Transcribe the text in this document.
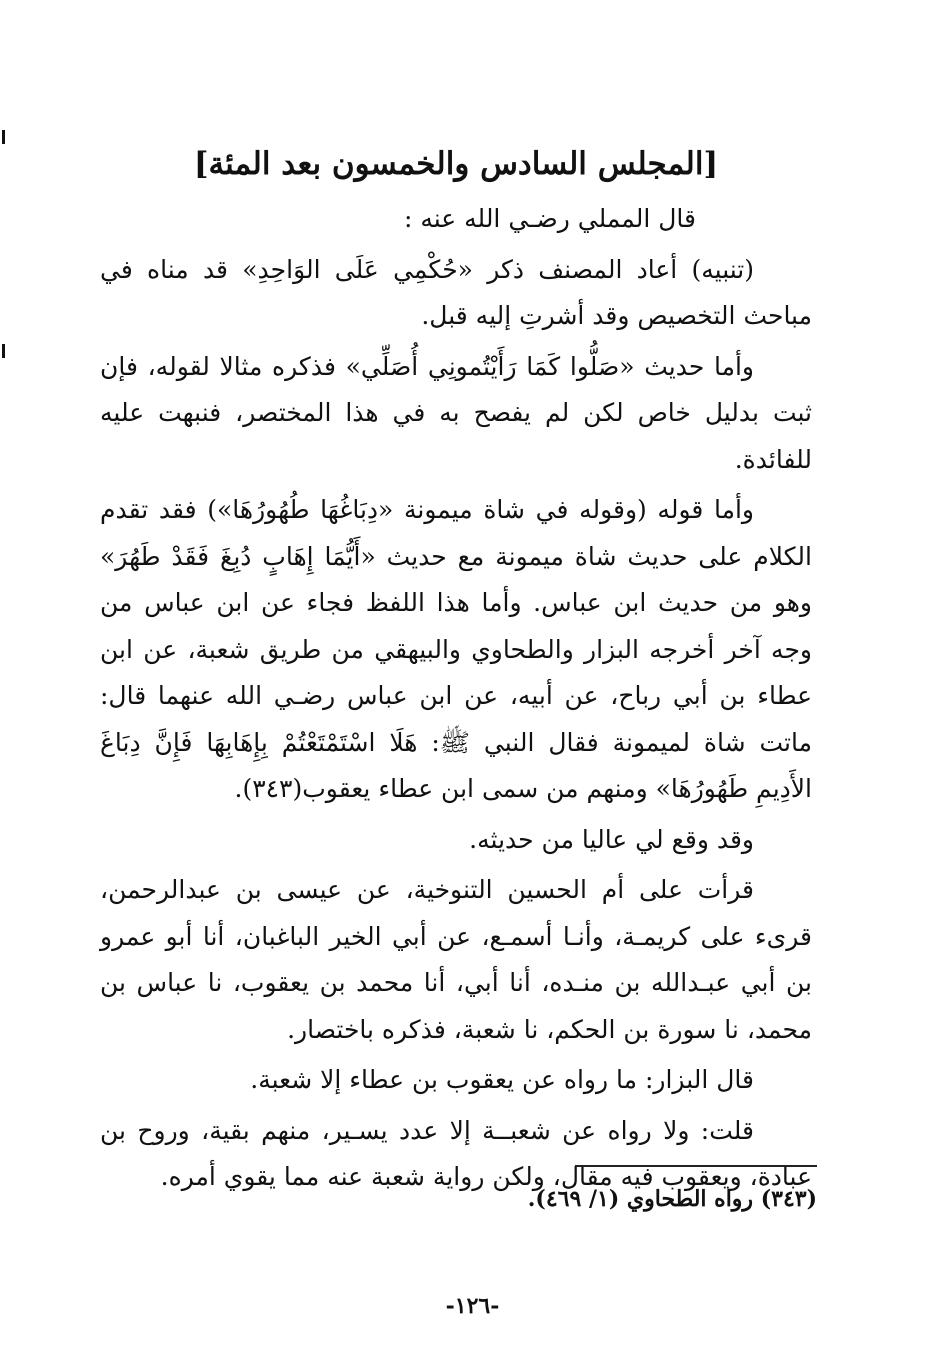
[المجلس السادس والخمسون بعد المئة]

قال المملي رضـي الله عنه :

(تنبيه) أعاد المصنف ذكر «حُكْمِي عَلَى الوَاحِدِ» قد مناه في مباحث التخصيص وقد أشرتِ إليه قبل.

وأما حديث «صَلُّوا كَمَا رَأَيْتُمونِي أُصَلِّي» فذكره مثالا لقوله، فإن ثبت بدليل خاص لكن لم يفصح به في هذا المختصر، فنبهت عليه للفائدة.

وأما قوله (وقوله في شاة ميمونة «دِبَاغُهَا طُهُورُهَا») فقد تقدم الكلام على حديث شاة ميمونة مع حديث «أَيُّمَا إِهَابٍ دُبِغَ فَقَدْ طَهُرَ» وهو من حديث ابن عباس. وأما هذا اللفظ فجاء عن ابن عباس من وجه آخر أخرجه البزار والطحاوي والبيهقي من طريق شعبة، عن ابن عطاء بن أبي رباح، عن أبيه، عن ابن عباس رضـي الله عنهما قال: ماتت شاة لميمونة فقال النبي ﷺ: هَلَا اسْتَمْتَعْتُمْ بِإِهَابِهَا فَإِنَّ دِبَاغَ الأَدِيمِ طَهُورُهَا» ومنهم من سمى ابن عطاء يعقوب(٣٤٣).

وقد وقع لي عاليا من حديثه.

قرأت على أم الحسين التنوخية، عن عيسى بن عبدالرحمن، قرىء على كريمـة، وأنـا أسمـع، عن أبي الخير الباغبان، أنا أبو عمرو بن أبي عبـدالله بن منـده، أنا أبي، أنا محمد بن يعقوب، نا عباس بن محمد، نا سورة بن الحكم، نا شعبة، فذكره باختصار.

قال البزار: ما رواه عن يعقوب بن عطاء إلا شعبة.

قلت: ولا رواه عن شعبــة إلا عدد يسـير، منهم بقية، وروح بن عبادة، ويعقوب فيه مقال، ولكن رواية شعبة عنه مما يقوي أمره.

(٣٤٣) رواه الطحاوي (١/ ٤٦٩).
-١٢٦-
